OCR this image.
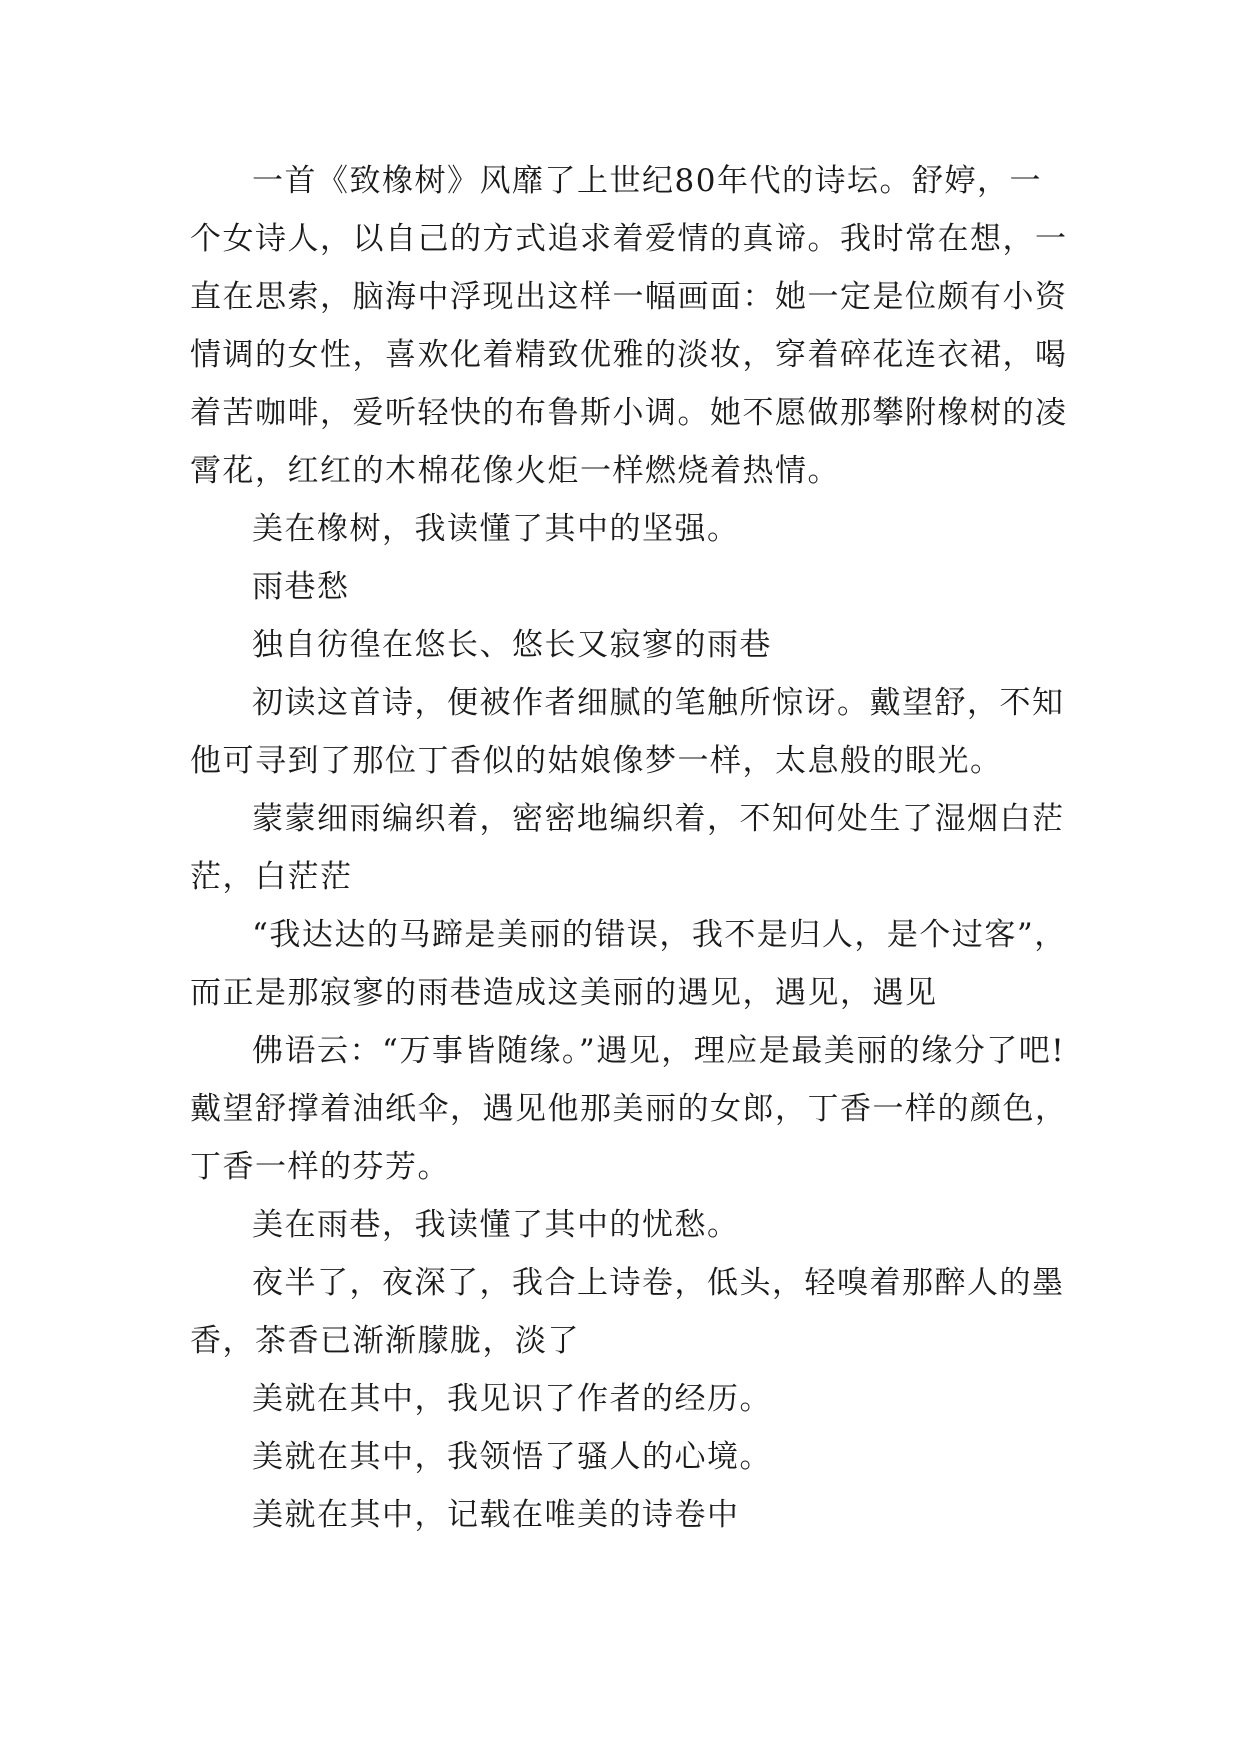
一首《致橡树》风靡了上世纪80年代的诗坛。舒婷，一个女诗人，以自己的方式追求着爱情的真谛。我时常在想，一直在思索，脑海中浮现出这样一幅画面：她一定是位颇有小资情调的女性，喜欢化着精致优雅的淡妆，穿着碎花连衣裙，喝着苦咖啡，爱听轻快的布鲁斯小调。她不愿做那攀附橡树的凌霄花，红红的木棉花像火炬一样燃烧着热情。

美在橡树，我读懂了其中的坚强。

雨巷愁

独自彷徨在悠长、悠长又寂寥的雨巷

初读这首诗，便被作者细腻的笔触所惊讶。戴望舒，不知他可寻到了那位丁香似的姑娘像梦一样，太息般的眼光。

蒙蒙细雨编织着，密密地编织着，不知何处生了湿烟白茫茫，白茫茫

“我达达的马蹄是美丽的错误，我不是归人，是个过客”，而正是那寂寥的雨巷造成这美丽的遇见，遇见，遇见

佛语云：“万事皆随缘。”遇见，理应是最美丽的缘分了吧!戴望舒撑着油纸伞，遇见他那美丽的女郎，丁香一样的颜色，丁香一样的芬芳。

美在雨巷，我读懂了其中的忧愁。

夜半了，夜深了，我合上诗卷，低头，轻嗅着那醉人的墨香，茶香已渐渐朦胧，淡了

美就在其中，我见识了作者的经历。

美就在其中，我领悟了骚人的心境。

美就在其中，记载在唯美的诗卷中
